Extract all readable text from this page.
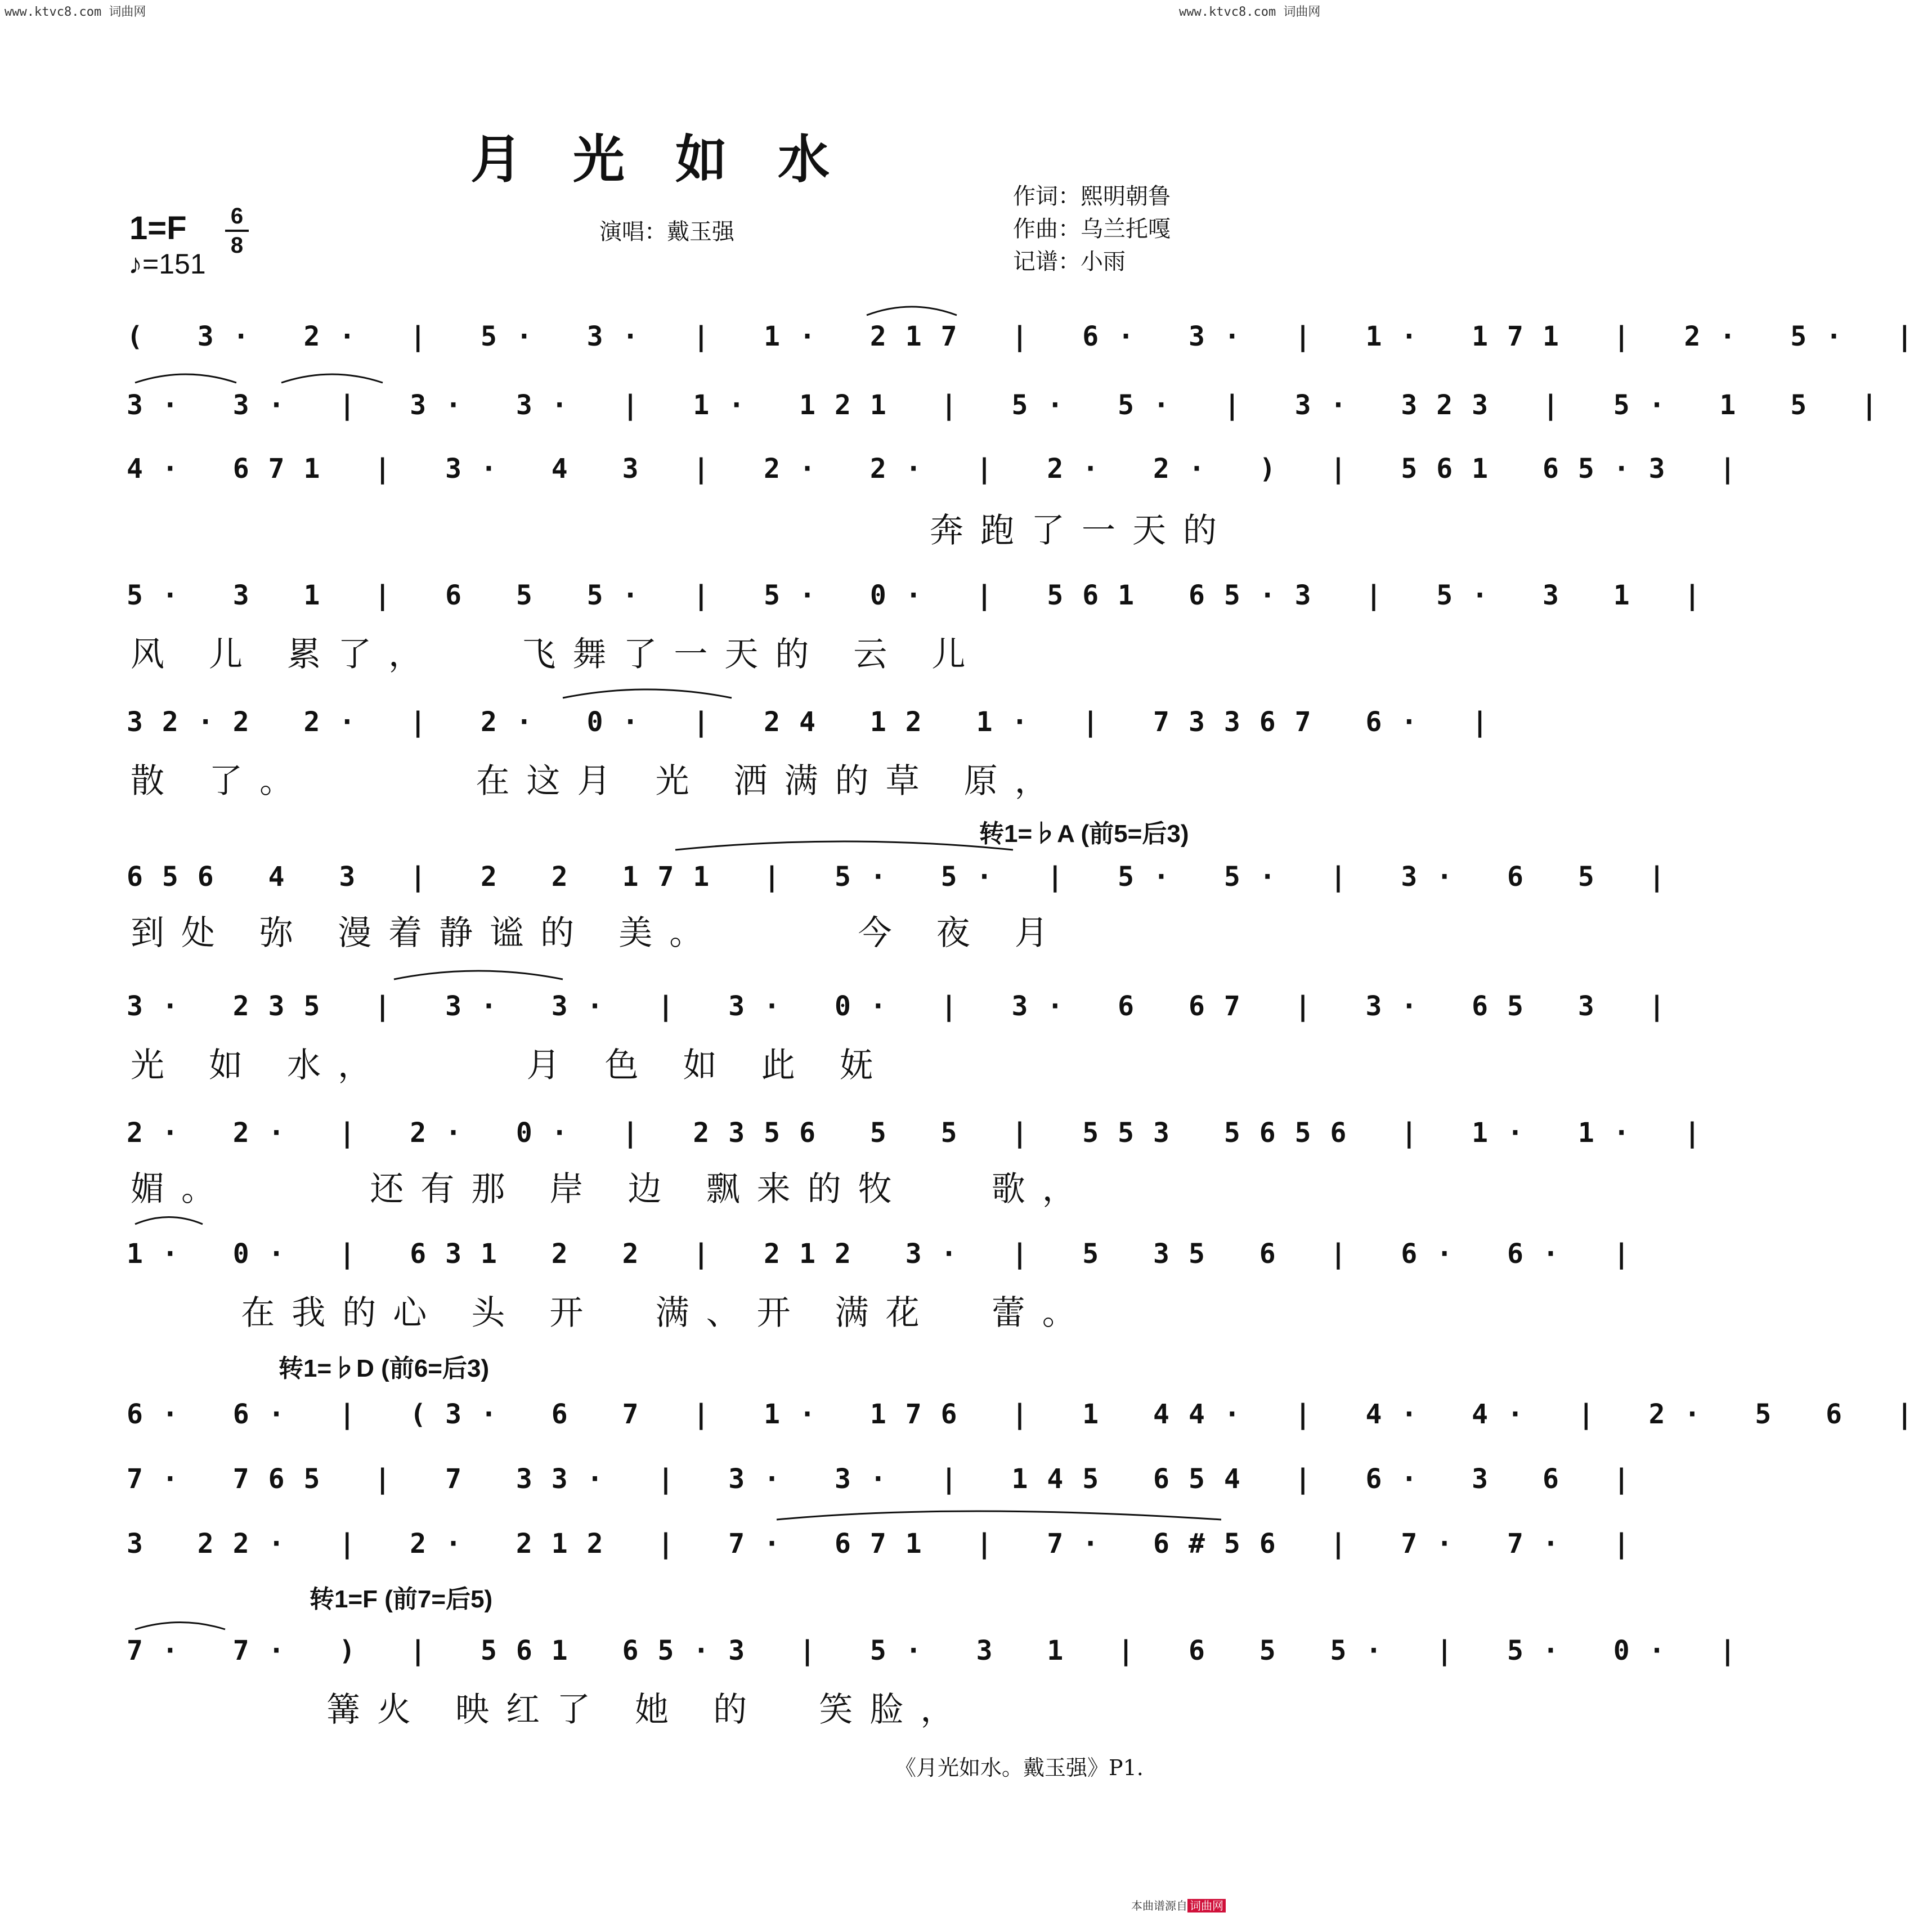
www.ktvc8.com 词曲网	www.ktvc8.com 词曲网
月光如水
作词：熙明朝鲁
作曲：乌兰托嘎
记谱：小雨
演唱：戴玉强
1=F 6
8
♪=151
转1=♭A (前5=后3)
转1=♭D (前6=后3)
转1=F (前7=后5)
( 3· 2· | 5· 3· | 1· 217 | 6· 3· | 1· 171 | 2· 5· |
3· 3· | 3· 3· | 1· 121 | 5· 5· | 3· 323 | 5· 1 5 |
4· 671 | 3· 4 3 | 2· 2· | 2· 2· ) | 561 65·3 |
奔跑了一天的
5· 3 1 | 6 5 5· | 5· 0· | 561 65·3 | 5· 3 1 |
风 儿 累了，   飞舞了一天的 云 儿
32·2 2· | 2· 0· | 24 12 1· | 73367 6· |
散 了。      在这月 光 洒满的草 原，
656 4 3 | 2 2 171 | 5· 5· | 5· 5· | 3· 6 5 |
到处 弥 漫着静谧的 美。     今 夜 月
3· 235 | 3· 3· | 3· 0· | 3· 6 67 | 3· 65 3 |
光 如 水，     月 色 如 此 妩
2· 2· | 2· 0· | 2356 5 5 | 553 5656 | 1· 1· |
媚。     还有那 岸 边 飘来的牧   歌，
1· 0· | 631 2 2 | 212 3· | 5 35 6 | 6· 6· |
在我的心 头 开  满、开 满花  蕾。
6· 6· | (3· 6 7 | 1· 176 | 1 44· | 4· 4· | 2· 5 6 |
7· 765 | 7 33· | 3· 3· | 145 654 | 6· 3 6 |
3 22· | 2· 212 | 7· 671 | 7· 6#56 | 7· 7· |
7· 7· ) | 561 65·3 | 5· 3 1 | 6 5 5· | 5· 0· |
篝火 映红了 她 的  笑脸，
《月光如水。戴玉强》P1.
本曲谱源自 词曲网
